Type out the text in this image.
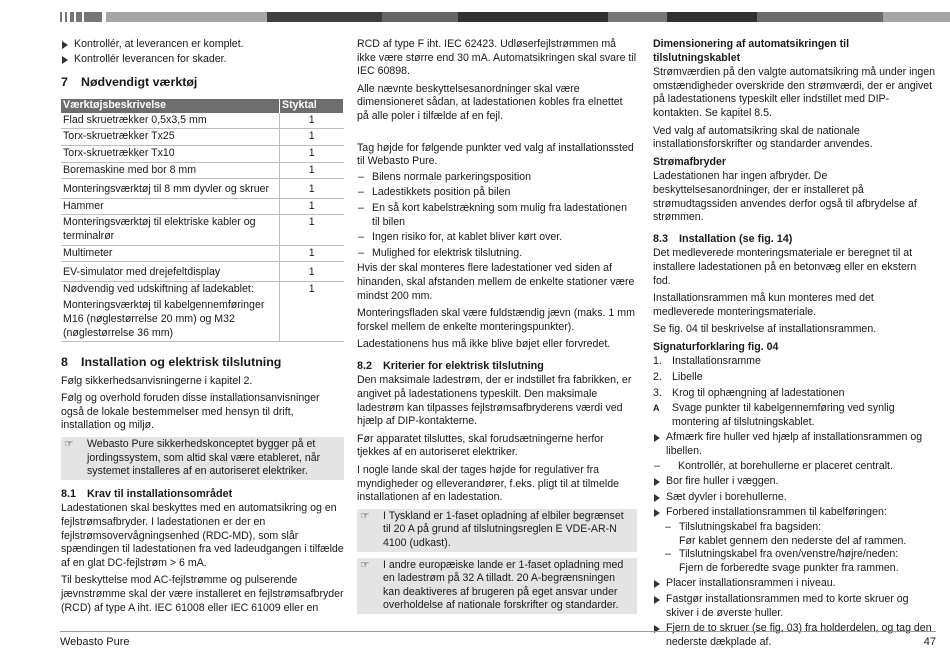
Kontrollér, at leverancen er komplet.

Kontrollér leverancen for skader.

7 Nødvendigt værktøj
Værktøjsbeskrivelse	Styktal
Flad skruetrækker 0,5x3,5 mm	1
Torx-skruetrækker Tx25	1
Torx-skruetrækker Tx10	1
Boremaskine med bor 8 mm	1
Monteringsværktøj til 8 mm dyvler og skruer	1
Hammer	1
Monteringsværktøj til elektriske kabler og terminalrør	1
Multimeter	1
EV-simulator med drejefeltdisplay	1

Nødvendig ved udskiftning af ladekablet:
Monteringsværktøj til kabelgennemføringer M16 (nøglestørrelse 20 mm) og M32 (nøglestørrelse 36 mm)	1
8 Installation og elektrisk tilslutning

Følg sikkerhedsanvisningerne i kapitel 2.

Følg og overhold foruden disse installationsanvisninger også de lokale bestemmelser med hensyn til drift, installation og miljø.

☞ Webasto Pure sikkerhedskonceptet bygger på et jordingssystem, som altid skal være etableret, når systemet installeres af en autoriseret elektriker.
8.1 Krav til installationsområdet

Ladestationen skal beskyttes med en automatsikring og en fejlstrømsafbryder. I ladestationen er der en fejlstrømsovervågningsenhed (RDC-MD), som slår spændingen til ladestationen fra ved ladeudgangen i tilfælde af en glat DC-fejlstrøm > 6 mA.

Til beskyttelse mod AC-fejlstrømme og pulserende jævnstrømme skal der være installeret en fejlstrømsafbryder (RCD) af type A iht. IEC 61008 eller IEC 61009 eller en

RCD af type F iht. IEC 62423. Udløserfejlstrømmen må ikke være større end 30 mA. Automatsikringen skal svare til IEC 60898.

Alle nævnte beskyttelsesanordninger skal være dimensioneret sådan, at ladestationen kobles fra elnettet på alle poler i tilfælde af en fejl.

Tag højde for følgende punkter ved valg af installationssted til Webasto Pure.

– Bilens normale parkeringsposition

– Ladestikkets position på bilen

– En så kort kabelstrækning som mulig fra ladestationen til bilen

– Ingen risiko for, at kablet bliver kørt over.

– Mulighed for elektrisk tilslutning.

Hvis der skal monteres flere ladestationer ved siden af hinanden, skal afstanden mellem de enkelte stationer være mindst 200 mm.

Monteringsfladen skal være fuldstændig jævn (maks. 1 mm forskel mellem de enkelte monteringspunkter).

Ladestationens hus må ikke blive bøjet eller forvredet.

8.2 Kriterier for elektrisk tilslutning

Den maksimale ladestrøm, der er indstillet fra fabrikken, er angivet på ladestationens typeskilt. Den maksimale ladestrøm kan tilpasses fejlstrømsafbryderens værdi ved hjælp af DIP-kontakterne.

Før apparatet tilsluttes, skal forudsætningerne herfor tjekkes af en autoriseret elektriker.

I nogle lande skal der tages højde for regulativer fra myndigheder og elleverandører, f.eks. pligt til at tilmelde installationen af en ladestation.

☞ I Tyskland er 1-faset opladning af elbiler begrænset til 20 A på grund af tilslutningsreglen E VDE-AR-N 4100 (udkast).
☞ I andre europæiske lande er 1-faset opladning med en ladestrøm på 32 A tilladt. 20 A-begrænsningen kan deaktiveres af brugeren på eget ansvar under overholdelse af nationale forskrifter og standarder.

Dimensionering af automatsikringen til tilslutningskablet

Strømværdien på den valgte automatsikring må under ingen omstændigheder overskride den strømværdi, der er angivet på ladestationens typeskilt eller indstillet med DIP-kontakten. Se kapitel 8.5.

Ved valg af automatsikring skal de nationale installationsforskrifter og standarder anvendes.

Strømafbryder

Ladestationen har ingen afbryder. De beskyttelsesanordninger, der er installeret på strømudtagssiden anvendes derfor også til afbrydelse af strømmen.

8.3 Installation (se fig. 14)

Det medleverede monteringsmateriale er beregnet til at installere ladestationen på en betonvæg eller en ekstern fod.

Installationsrammen må kun monteres med det medleverede monteringsmateriale.

Se fig. 04 til beskrivelse af installationsrammen.

Signaturforklaring fig. 04

1. Installationsramme

2. Libelle

3. Krog til ophængning af ladestationen

A Svage punkter til kabelgennemføring ved synlig montering af tilslutningskablet.

Afmærk fire huller ved hjælp af installationsrammen og libellen.

– Kontrollér, at borehullerne er placeret centralt.

Bor fire huller i væggen.

Sæt dyvler i borehullerne.

Forbered installationsrammen til kabelføringen:

– Tilslutningskabel fra bagsiden:

Før kablet gennem den nederste del af rammen.

– Tilslutningskabel fra oven/venstre/højre/neden:

Fjern de forberedte svage punkter fra rammen.

Placer installationsrammen i niveau.

Fastgør installationsrammen med to korte skruer og skiver i de øverste huller.

Fjern de to skruer (se fig. 03) fra holderdelen, og tag den nederste dækplade af.

Webasto Pure	47
